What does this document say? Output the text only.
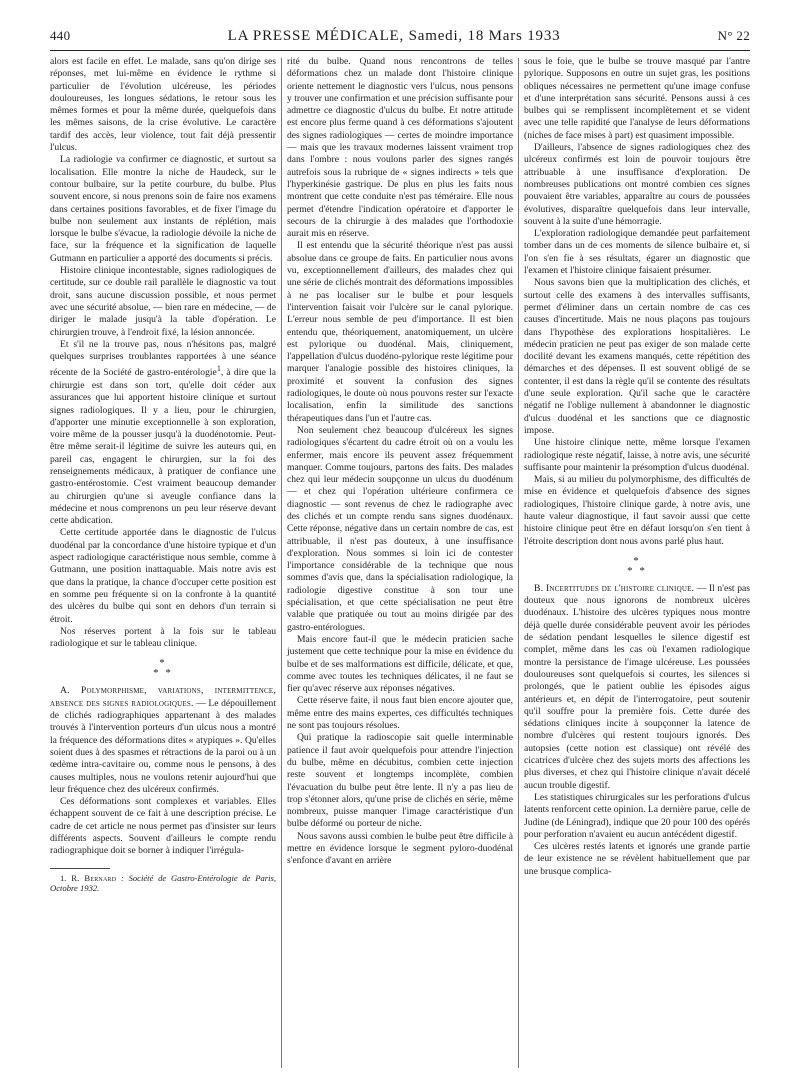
440	LA PRESSE MÉDICALE, Samedi, 18 Mars 1933	N° 22

alors est facile en effet. Le malade, sans qu'on dirige ses réponses, met lui-même en évidence le rythme si particulier de l'évolution ulcéreuse, les périodes douloureuses, les longues sédations, le retour sous les mêmes formes et pour la même durée, quelquefois dans les mêmes saisons, de la crise évolutive. Le caractère tardif des accès, leur violence, tout fait déjà pressentir l'ulcus.

La radiologie va confirmer ce diagnostic, et surtout sa localisation. Elle montre la niche de Haudeck, sur le contour bulbaire, sur la petite courbure, du bulbe. Plus souvent encore, si nous prenons soin de faire nos examens dans certaines positions favorables, et de fixer l'image du bulbe non seulement aux instants de réplétion, mais lorsque le bulbe s'évacue, la radiologie dévoile la niche de face, sur la fréquence et la signification de laquelle Gutmann en particulier a apporté des documents si précis.

Histoire clinique incontestable, signes radiologiques de certitude, sur ce double rail parallèle le diagnostic va tout droit, sans aucune discussion possible, et nous permet avec une sécurité absolue, — bien rare en médecine, — de diriger le malade jusqu'à la table d'opération. Le chirurgien trouve, à l'endroit fixé, la lésion annoncée.

Et s'il ne la trouve pas, nous n'hésitons pas, malgré quelques surprises troublantes rapportées à une séance récente de la Société de gastro-entérologie$^1$, à dire que la chirurgie est dans son tort, qu'elle doit céder aux assurances que lui apportent histoire clinique et surtout signes radiologiques. Il y a lieu, pour le chirurgien, d'apporter une minutie exceptionnelle à son exploration, voire même de la pousser jusqu'à la duodénotomie. Peut-être même serait-il légitime de suivre les auteurs qui, en pareil cas, engagent le chirurgien, sur la foi des renseignements médicaux, à pratiquer de confiance une gastro-entérostomie. C'est vraiment beaucoup demander au chirurgien qu'une si aveugle confiance dans la médecine et nous comprenons un peu leur réserve devant cette abdication.

Cette certitude apportée dans le diagnostic de l'ulcus duodénal par la concordance d'une histoire typique et d'un aspect radiologique caractéristique nous semble, comme à Gutmann, une position inattaquable. Mais notre avis est que dans la pratique, la chance d'occuper cette position est en somme peu fréquente si on la confronte à la quantité des ulcères du bulbe qui sont en dehors d'un terrain si étroit.

Nos réserves portent à la fois sur le tableau radiologique et sur le tableau clinique.

*
* *

A. Polymorphisme, variations, intermittence, absence des signes radiologiques. — Le dépouillement de clichés radiographiques appartenant à des malades trouvés à l'intervention porteurs d'un ulcus nous a montré la fréquence des déformations dites « atypiques ». Qu'elles soient dues à des spasmes et rétractions de la paroi ou à un œdème intra-cavitaire ou, comme nous le pensons, à des causes multiples, nous ne voulons retenir aujourd'hui que leur fréquence chez des ulcéreux confirmés.

Ces déformations sont complexes et variables. Elles échappent souvent de ce fait à une description précise. Le cadre de cet article ne nous permet pas d'insister sur leurs différents aspects. Souvent d'ailleurs le compte rendu radiographique doit se borner à indiquer l'irrégula-

1. R. Bernard : Société de Gastro-Entérologie de Paris, Octobre 1932.

rité du bulbe. Quand nous rencontrons de telles déformations chez un malade dont l'histoire clinique oriente nettement le diagnostic vers l'ulcus, nous pensons y trouver une confirmation et une précision suffisante pour admettre ce diagnostic d'ulcus du bulbe. Et notre attitude est encore plus ferme quand à ces déformations s'ajoutent des signes radiologiques — certes de moindre importance — mais que les travaux modernes laissent vraiment trop dans l'ombre : nous voulons parler des signes rangés autrefois sous la rubrique de « signes indirects » tels que l'hyperkinésie gastrique. De plus en plus les faits nous montrent que cette conduite n'est pas téméraire. Elle nous permet d'étendre l'indication opératoire et d'apporter le secours de la chirurgie à des malades que l'orthodoxie aurait mis en réserve.

Il est entendu que la sécurité théorique n'est pas aussi absolue dans ce groupe de faits. En particulier nous avons vu, exceptionnellement d'ailleurs, des malades chez qui une série de clichés montrait des déformations impossibles à ne pas localiser sur le bulbe et pour lesquels l'intervention faisait voir l'ulcère sur le canal pylorique. L'erreur nous semble de peu d'importance. Il est bien entendu que, théoriquement, anatomiquement, un ulcère est pylorique ou duodénal. Mais, cliniquement, l'appellation d'ulcus duodéno-pylorique reste légitime pour marquer l'analogie possible des histoires cliniques, la proximité et souvent la confusion des signes radiologiques, le doute où nous pouvons rester sur l'exacte localisation, enfin la similitude des sanctions thérapeutiques dans l'un et l'autre cas.

Non seulement chez beaucoup d'ulcéreux les signes radiologiques s'écartent du cadre étroit où on a voulu les enfermer, mais encore ils peuvent assez fréquemment manquer. Comme toujours, partons des faits. Des malades chez qui leur médecin soupçonne un ulcus du duodénum — et chez qui l'opération ultérieure confirmera ce diagnostic — sont revenus de chez le radiographe avec des clichés et un compte rendu sans signes duodénaux. Cette réponse, négative dans un certain nombre de cas, est attribuable, il n'est pas douteux, à une insuffisance d'exploration. Nous sommes si loin ici de contester l'importance considérable de la technique que nous sommes d'avis que, dans la spécialisation radiologique, la radiologie digestive constitue à son tour une spécialisation, et que cette spécialisation ne peut être valable que pratiquée ou tout au moins dirigée par des gastro-entérologues.

Mais encore faut-il que le médecin praticien sache justement que cette technique pour la mise en évidence du bulbe et de ses malformations est difficile, délicate, et que, comme avec toutes les techniques délicates, il ne faut se fier qu'avec réserve aux réponses négatives.

Cette réserve faite, il nous faut bien encore ajouter que, même entre des mains expertes, ces difficultés techniques ne sont pas toujours résolues.

Qui pratique la radioscopie sait quelle interminable patience il faut avoir quelquefois pour attendre l'injection du bulbe, même en décubitus, combien cette injection reste souvent et longtemps incomplète, combien l'évacuation du bulbe peut être lente. Il n'y a pas lieu de trop s'étonner alors, qu'une prise de clichés en série, même nombreux, puisse manquer l'image caractéristique d'un bulbe déformé ou porteur de niche.

Nous savons aussi combien le bulbe peut être difficile à mettre en évidence lorsque le segment pyloro-duodénal s'enfonce d'avant en arrière

sous le foie, que le bulbe se trouve masqué par l'antre pylorique. Supposons en outre un sujet gras, les positions obliques nécessaires ne permettent qu'une image confuse et d'une interprétation sans sécurité. Pensons aussi à ces bulbes qui se remplissent incomplètement et se vident avec une telle rapidité que l'analyse de leurs déformations (niches de face mises à part) est quasiment impossible.

D'ailleurs, l'absence de signes radiologiques chez des ulcéreux confirmés est loin de pouvoir toujours être attribuable à une insuffisance d'exploration. De nombreuses publications ont montré combien ces signes pouvaient être variables, apparaître au cours de poussées évolutives, disparaître quelquefois dans leur intervalle, souvent à la suite d'une hémorragie.

L'exploration radiologique demandée peut parfaitement tomber dans un de ces moments de silence bulbaire et, si l'on s'en fie à ses résultats, égarer un diagnostic que l'examen et l'histoire clinique faisaient présumer.

Nous savons bien que la multiplication des clichés, et surtout celle des examens à des intervalles suffisants, permet d'éliminer dans un certain nombre de cas ces causes d'incertitude. Mais ne nous plaçons pas toujours dans l'hypothèse des explorations hospitalières. Le médecin praticien ne peut pas exiger de son malade cette docilité devant les examens manqués, cette répétition des démarches et des dépenses. Il est souvent obligé de se contenter, il est dans la règle qu'il se contente des résultats d'une seule exploration. Qu'il sache que le caractère négatif ne l'oblige nullement à abandonner le diagnostic d'ulcus duodénal et les sanctions que ce diagnostic impose.

Une histoire clinique nette, même lorsque l'examen radiologique reste négatif, laisse, à notre avis, une sécurité suffisante pour maintenir la présomption d'ulcus duodénal.

Mais, si au milieu du polymorphisme, des difficultés de mise en évidence et quelquefois d'absence des signes radiologiques, l'histoire clinique garde, à notre avis, une haute valeur diagnostique, il faut savoir aussi que cette histoire clinique peut être en défaut lorsqu'on s'en tient à l'étroite description dont nous avons parlé plus haut.

*
* *

B. Incertitudes de l'histoire clinique. — Il n'est pas douteux que nous ignorons de nombreux ulcères duodénaux. L'histoire des ulcères typiques nous montre déjà quelle durée considérable peuvent avoir les périodes de sédation pendant lesquelles le silence digestif est complet, même dans les cas où l'examen radiologique montre la persistance de l'image ulcéreuse. Les poussées douloureuses sont quelquefois si courtes, les silences si prolongés, que le patient oublie les épisodes aigus antérieurs et, en dépit de l'interrogatoire, peut soutenir qu'il souffre pour la première fois. Cette durée des sédations cliniques incite à soupçonner la latence de nombre d'ulcères qui restent toujours ignorés. Des autopsies (cette notion est classique) ont révélé des cicatrices d'ulcère chez des sujets morts des affections les plus diverses, et chez qui l'histoire clinique n'avait décelé aucun trouble digestif.

Les statistiques chirurgicales sur les perforations d'ulcus latents renforcent cette opinion. La dernière parue, celle de Judine (de Léningrad), indique que 20 pour 100 des opérés pour perforation n'avaient eu aucun antécédent digestif.

Ces ulcères restés latents et ignorés une grande partie de leur existence ne se révèlent habituellement que par une brusque complica-
